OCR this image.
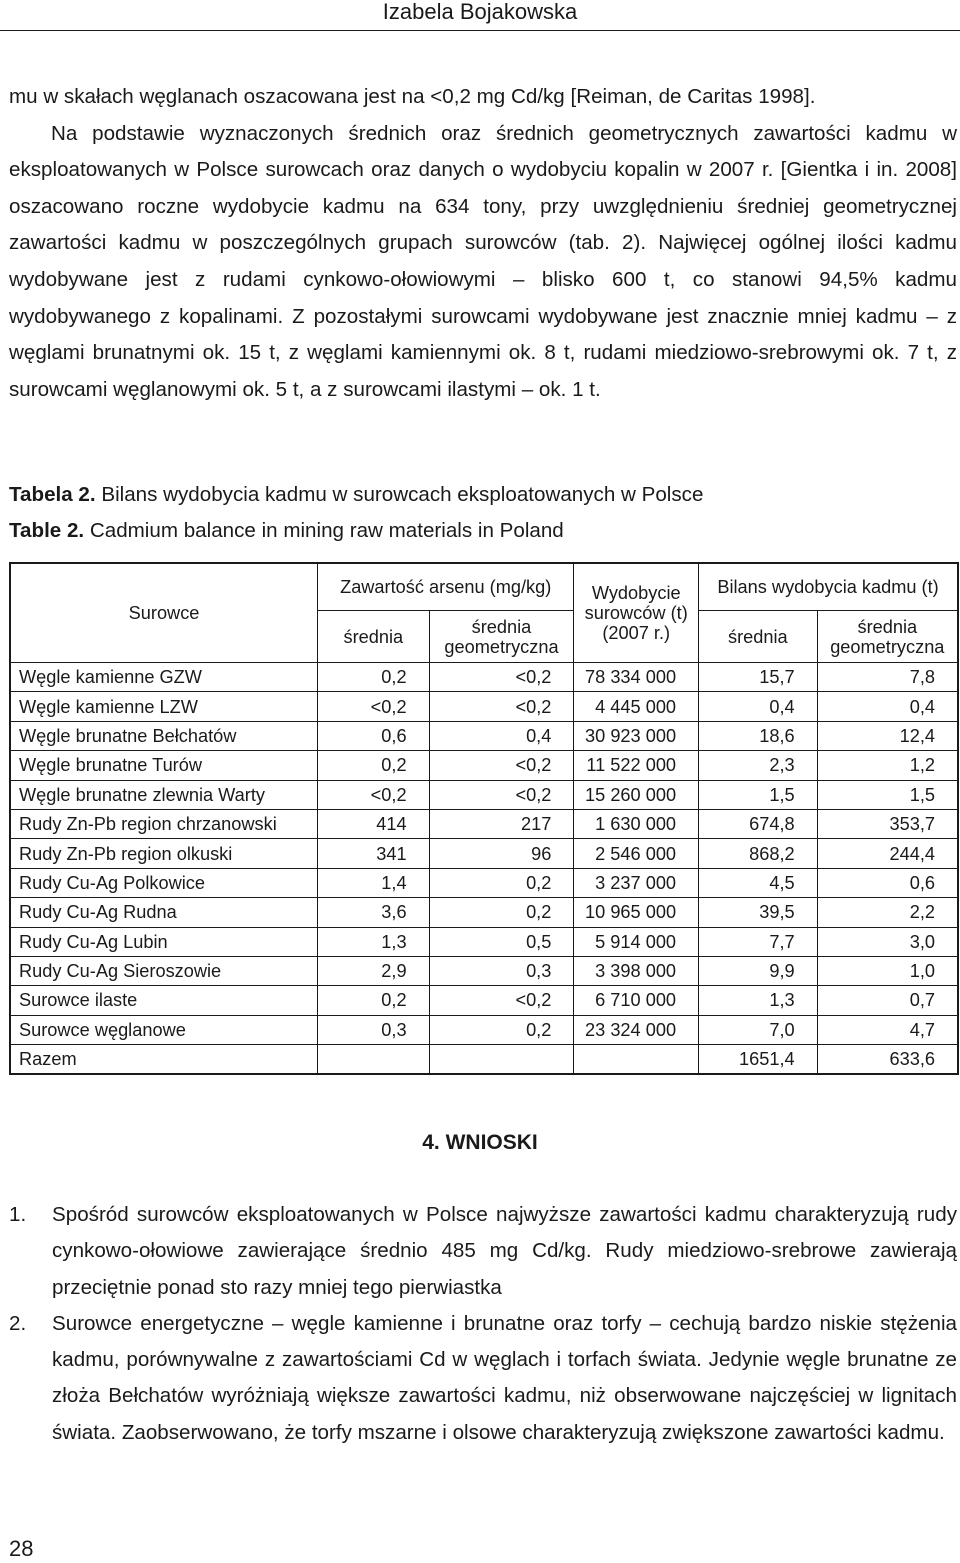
Izabela Bojakowska

mu w skałach węglanach oszacowana jest na <0,2 mg Cd/kg [Reiman, de Caritas 1998].

Na podstawie wyznaczonych średnich oraz średnich geometrycznych zawartości kadmu w eksploatowanych w Polsce surowcach oraz danych o wydobyciu kopalin w 2007 r. [Gientka i in. 2008] oszacowano roczne wydobycie kadmu na 634 tony, przy uwzględnieniu średniej geometrycznej zawartości kadmu w poszczególnych grupach surowców (tab. 2). Najwięcej ogólnej ilości kadmu wydobywane jest z rudami cynkowo-ołowiowymi – blisko 600 t, co stanowi 94,5% kadmu wydobywanego z kopalinami. Z pozostałymi surowcami wydobywane jest znacznie mniej kadmu – z węglami brunatnymi ok. 15 t, z węglami kamiennymi ok. 8 t, rudami miedziowo-srebrowymi ok. 7 t, z surowcami węglanowymi ok. 5 t, a z surowcami ilastymi – ok. 1 t.

Tabela 2. Bilans wydobycia kadmu w surowcach eksploatowanych w Polsce
Table 2. Cadmium balance in mining raw materials in Poland
Surowce	Zawartość arsenu (mg/kg)		Wydobycie surowców (t) (2007 r.)	Bilans wydobycia kadmu (t)	
	średnia	średnia geometryczna		średnia	średnia geometryczna
Węgle kamienne GZW	0,2	<0,2	78 334 000	15,7	7,8
Węgle kamienne LZW	<0,2	<0,2	4 445 000	0,4	0,4
Węgle brunatne Bełchatów	0,6	0,4	30 923 000	18,6	12,4
Węgle brunatne Turów	0,2	<0,2	11 522 000	2,3	1,2
Węgle brunatne zlewnia Warty	<0,2	<0,2	15 260 000	1,5	1,5
Rudy Zn-Pb region chrzanowski	414	217	1 630 000	674,8	353,7
Rudy Zn-Pb region olkuski	341	96	2 546 000	868,2	244,4
Rudy Cu-Ag Polkowice	1,4	0,2	3 237 000	4,5	0,6
Rudy Cu-Ag Rudna	3,6	0,2	10 965 000	39,5	2,2
Rudy Cu-Ag Lubin	1,3	0,5	5 914 000	7,7	3,0
Rudy Cu-Ag Sieroszowie	2,9	0,3	3 398 000	9,9	1,0
Surowce ilaste	0,2	<0,2	6 710 000	1,3	0,7
Surowce węglanowe	0,3	0,2	23 324 000	7,0	4,7
Razem				1651,4	633,6
4. WNIOSKI
1. Spośród surowców eksploatowanych w Polsce najwyższe zawartości kadmu charakteryzują rudy cynkowo-ołowiowe zawierające średnio 485 mg Cd/kg. Rudy miedziowo-srebrowe zawierają przeciętnie ponad sto razy mniej tego pierwiastka
2. Surowce energetyczne – węgle kamienne i brunatne oraz torfy – cechują bardzo niskie stężenia kadmu, porównywalne z zawartościami Cd w węglach i torfach świata. Jedynie węgle brunatne ze złoża Bełchatów wyróżniają większe zawartości kadmu, niż obserwowane najczęściej w lignitach świata. Zaobserwowano, że torfy mszarne i olsowe charakteryzują zwiększone zawartości kadmu.
28
